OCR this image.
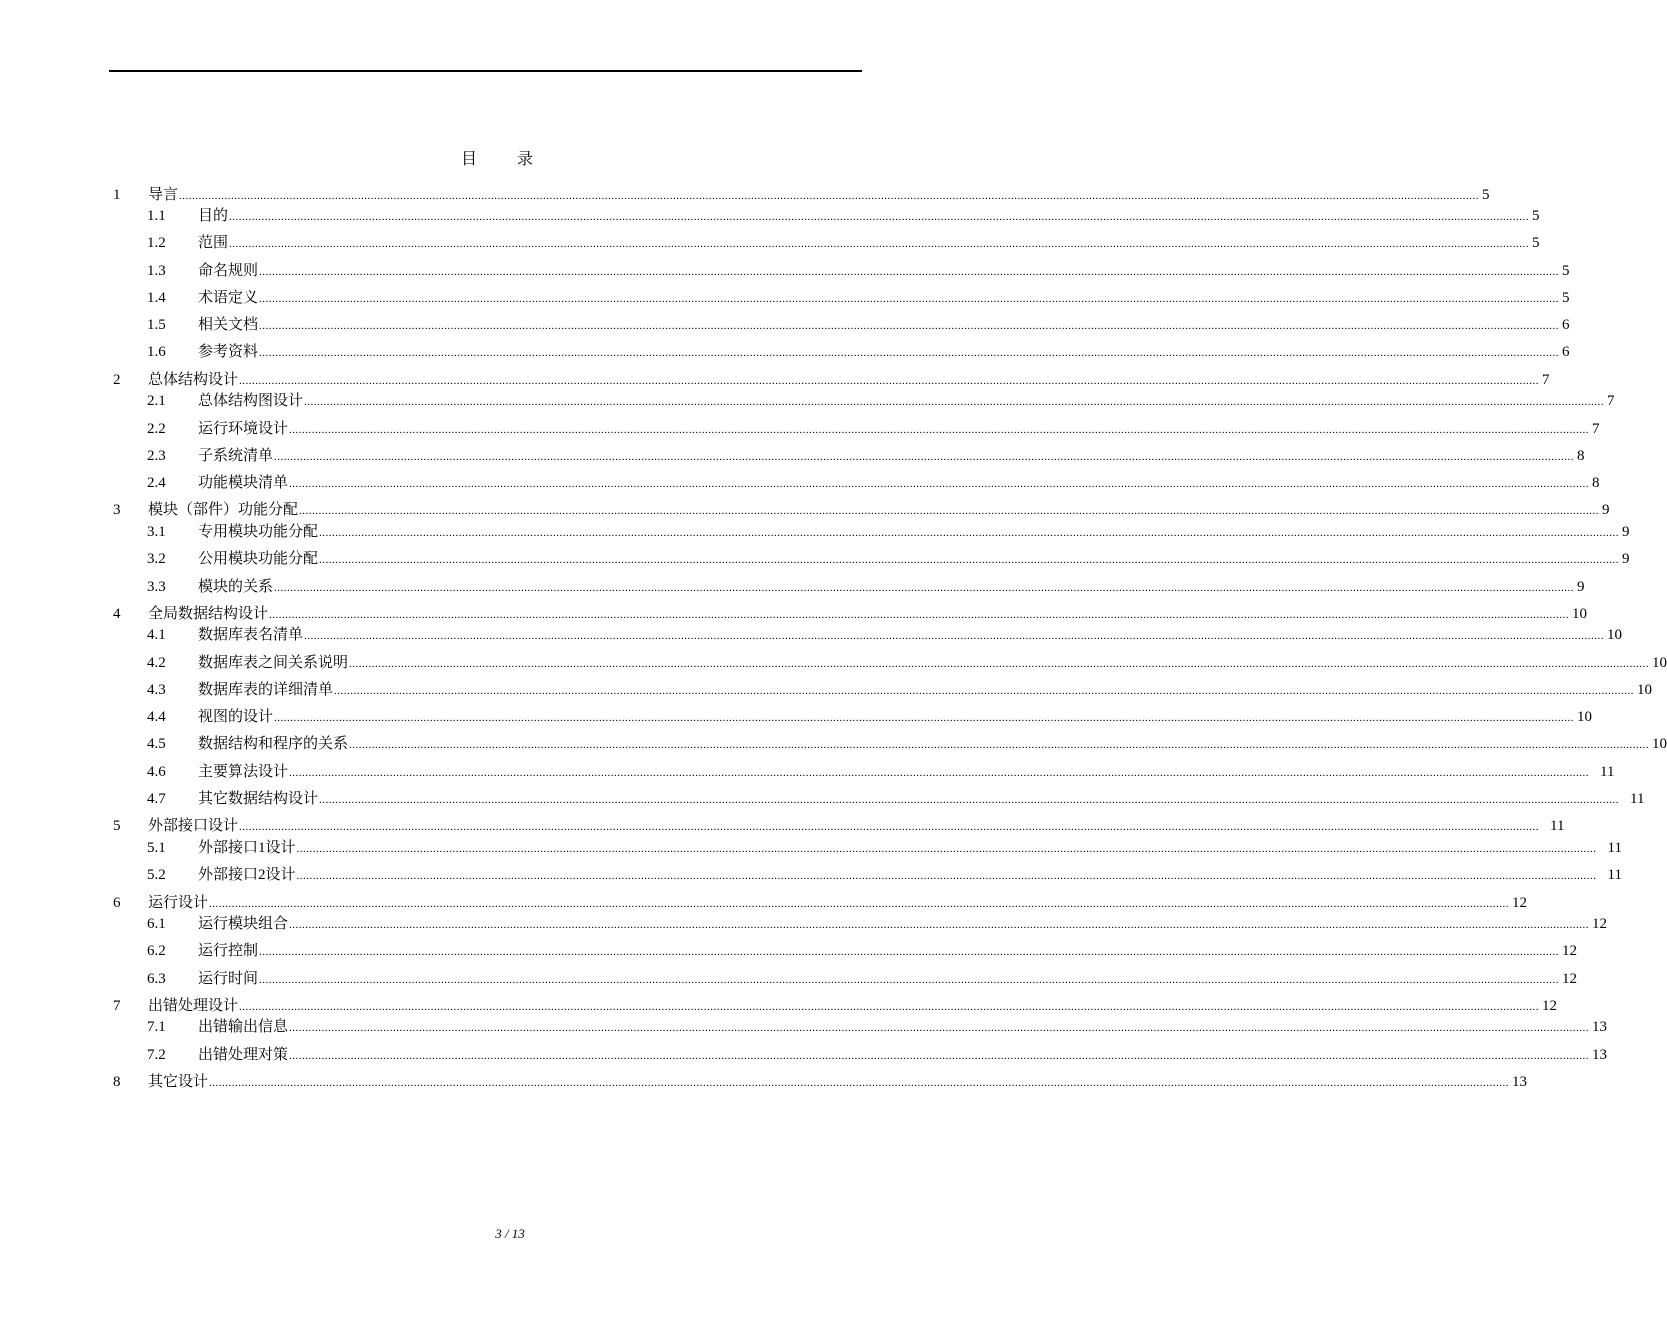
目 录
1 导言 ................................................................................................................................................................................................................................................................................................................................................................................................................ 5
1.1 目的 ................................................................................................................................................................................................................................................................................................................................................................................................................ 5
1.2 范围 ................................................................................................................................................................................................................................................................................................................................................................................................................ 5
1.3 命名规则 ................................................................................................................................................................................................................................................................................................................................................................................................................ 5
1.4 术语定义 ................................................................................................................................................................................................................................................................................................................................................................................................................ 5
1.5 相关文档 ................................................................................................................................................................................................................................................................................................................................................................................................................ 6
1.6 参考资料 ................................................................................................................................................................................................................................................................................................................................................................................................................ 6
2 总体结构设计 ................................................................................................................................................................................................................................................................................................................................................................................................................ 7
2.1 总体结构图设计 ................................................................................................................................................................................................................................................................................................................................................................................................................ 7
2.2 运行环境设计 ................................................................................................................................................................................................................................................................................................................................................................................................................ 7
2.3 子系统清单 ................................................................................................................................................................................................................................................................................................................................................................................................................ 8
2.4 功能模块清单 ................................................................................................................................................................................................................................................................................................................................................................................................................ 8
3 模块（部件）功能分配 ................................................................................................................................................................................................................................................................................................................................................................................................................ 9
3.1 专用模块功能分配 ................................................................................................................................................................................................................................................................................................................................................................................................................ 9
3.2 公用模块功能分配 ................................................................................................................................................................................................................................................................................................................................................................................................................ 9
3.3 模块的关系 ................................................................................................................................................................................................................................................................................................................................................................................................................ 9
4 全局数据结构设计 ................................................................................................................................................................................................................................................................................................................................................................................................................ 10
4.1 数据库表名清单 ................................................................................................................................................................................................................................................................................................................................................................................................................ 10
4.2 数据库表之间关系说明 ................................................................................................................................................................................................................................................................................................................................................................................................................ 10
4.3 数据库表的详细清单 ................................................................................................................................................................................................................................................................................................................................................................................................................ 10
4.4 视图的设计 ................................................................................................................................................................................................................................................................................................................................................................................................................ 10
4.5 数据结构和程序的关系 ................................................................................................................................................................................................................................................................................................................................................................................................................ 10
4.6 主要算法设计 ................................................................................................................................................................................................................................................................................................................................................................................................................ 11
4.7 其它数据结构设计 ................................................................................................................................................................................................................................................................................................................................................................................................................ 11
5 外部接口设计 ................................................................................................................................................................................................................................................................................................................................................................................................................ 11
5.1 外部接口1设计 ................................................................................................................................................................................................................................................................................................................................................................................................................ 11
5.2 外部接口2设计 ................................................................................................................................................................................................................................................................................................................................................................................................................ 11
6 运行设计 ................................................................................................................................................................................................................................................................................................................................................................................................................ 12
6.1 运行模块组合 ................................................................................................................................................................................................................................................................................................................................................................................................................ 12
6.2 运行控制 ................................................................................................................................................................................................................................................................................................................................................................................................................ 12
6.3 运行时间 ................................................................................................................................................................................................................................................................................................................................................................................................................ 12
7 出错处理设计 ................................................................................................................................................................................................................................................................................................................................................................................................................ 12
7.1 出错输出信息 ................................................................................................................................................................................................................................................................................................................................................................................................................ 13
7.2 出错处理对策 ................................................................................................................................................................................................................................................................................................................................................................................................................ 13
8 其它设计 ................................................................................................................................................................................................................................................................................................................................................................................................................ 13
3 / 13
